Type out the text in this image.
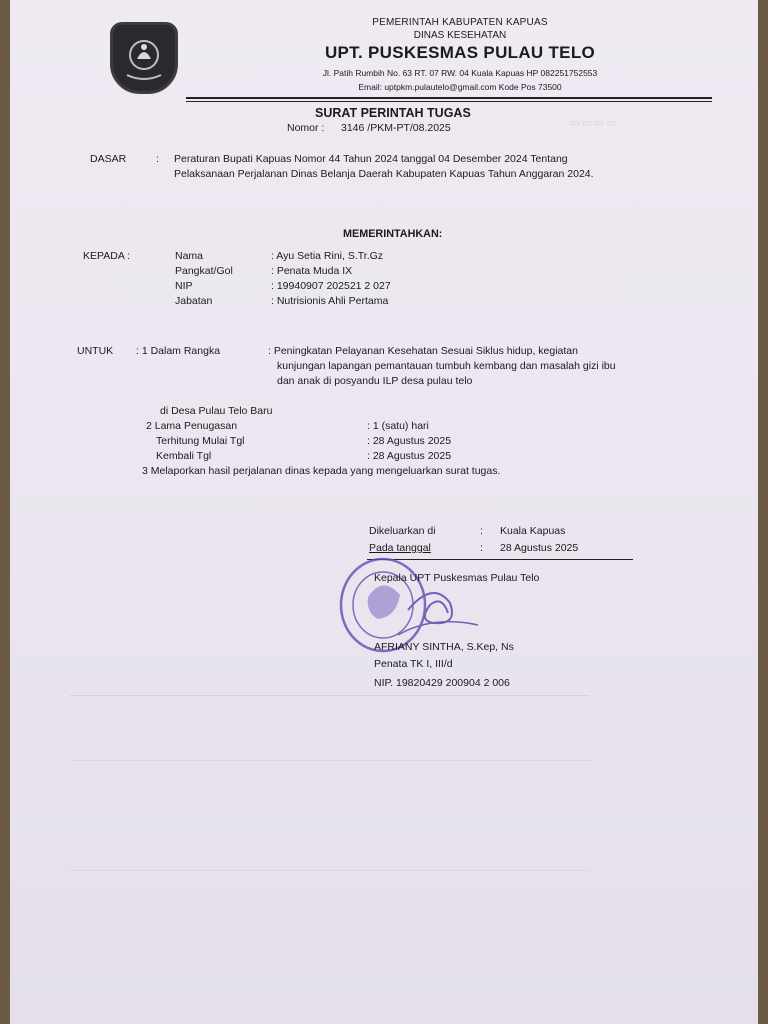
▭ ▭ ▭ ▭
PEMERINTAH KABUPATEN KAPUAS
DINAS KESEHATAN
UPT. PUSKESMAS PULAU TELO
Jl. Patih Rumbih No. 63 RT. 07 RW. 04 Kuala Kapuas HP 082251752553
Email: uptpkm.pulautelo@gmail.com Kode Pos 73500
SURAT PERINTAH TUGAS
Nomor : 3146 /PKM-PT/08.2025
DASAR	: Peraturan Bupati Kapuas Nomor 44 Tahun 2024 tanggal 04 Desember 2024 Tentang
Pelaksanaan Perjalanan Dinas Belanja Daerah Kabupaten Kapuas Tahun Anggaran 2024.
MEMERINTAHKAN:
KEPADA :	Nama	: Ayu Setia Rini, S.Tr.Gz
Pangkat/Gol	: Penata Muda IX
NIP	: 19940907 202521 2 027
Jabatan	: Nutrisionis Ahli Pertama
UNTUK : 1 Dalam Rangka	: Peningkatan Pelayanan Kesehatan Sesuai Siklus hidup, kegiatan
kunjungan lapangan pemantauan tumbuh kembang dan masalah gizi ibu
dan anak di posyandu ILP desa pulau telo
di Desa Pulau Telo Baru
2 Lama Penugasan	: 1 (satu) hari
Terhitung Mulai Tgl	: 28 Agustus 2025
Kembali Tgl	: 28 Agustus 2025
3 Melaporkan hasil perjalanan dinas kepada yang mengeluarkan surat tugas.
Dikeluarkan di	: Kuala Kapuas
Pada tanggal	: 28 Agustus 2025
Kepala UPT Puskesmas Pulau Telo
AFRIANY SINTHA, S.Kep, Ns
Penata TK I, III/d
NIP. 19820429 200904 2 006
